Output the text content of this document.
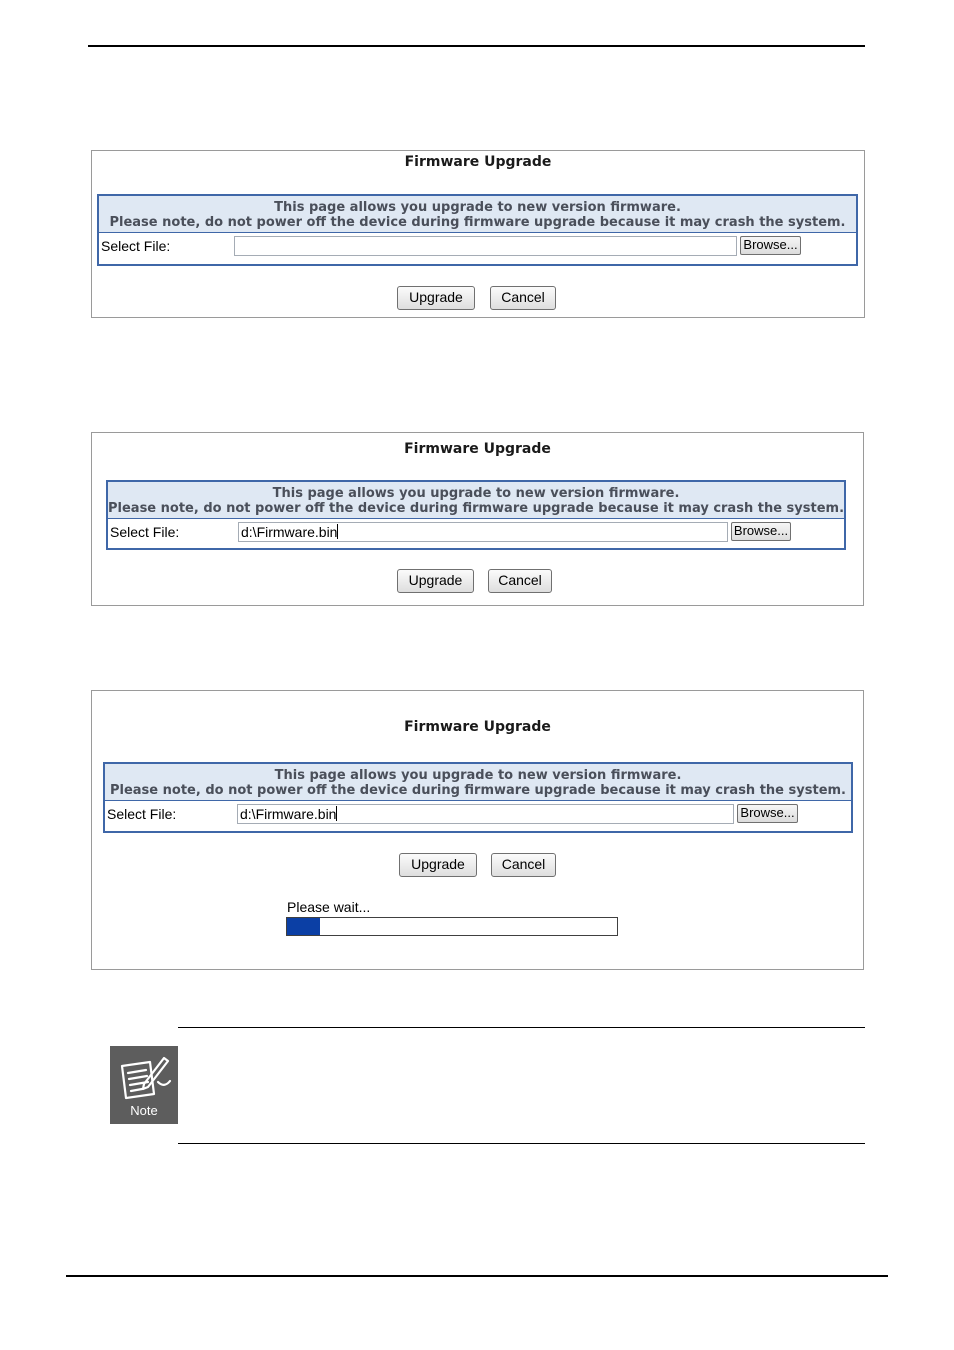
Firmware Upgrade
This page allows you upgrade to new version firmware.
Please note, do not power off the device during firmware upgrade because it may crash the system.
Select File:	Browse...
Upgrade	Cancel
Firmware Upgrade
This page allows you upgrade to new version firmware.
Please note, do not power off the device during firmware upgrade because it may crash the system.
Select File:	d:\Firmware.bin	Browse...
Upgrade	Cancel
Firmware Upgrade
This page allows you upgrade to new version firmware.
Please note, do not power off the device during firmware upgrade because it may crash the system.
Select File:	d:\Firmware.bin	Browse...
Upgrade	Cancel
Please wait...
Note
